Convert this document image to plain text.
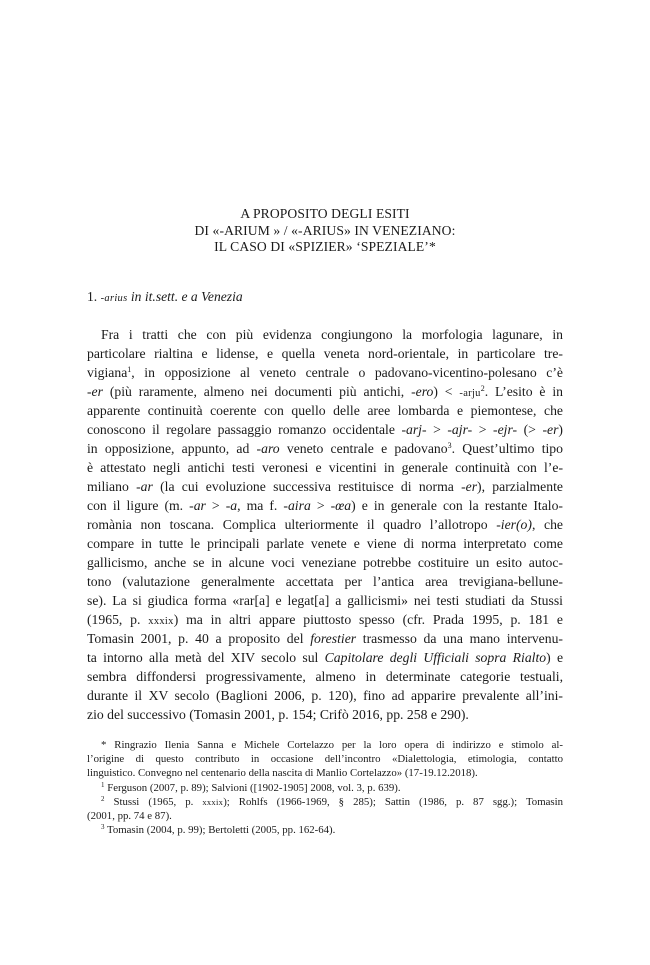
A PROPOSITO DEGLI ESITI
DI «-ARIUM » / «-ARIUS» IN VENEZIANO:
IL CASO DI «SPIZIER» ‘SPEZIALE’*
1. -arius in it.sett. e a Venezia
Fra i tratti che con più evidenza congiungono la morfologia lagunare, in
particolare rialtina e lidense, e quella veneta nord-orientale, in particolare tre-
vigiana$^1$, in opposizione al veneto centrale o padovano-vicentino-polesano c’è
-er (più raramente, almeno nei documenti più antichi, -ero) < -arju$^2$. L’esito è in
apparente continuità coerente con quello delle aree lombarda e piemontese, che
conoscono il regolare passaggio romanzo occidentale -arj- > -ajr- > -ejr- (> -er)
in opposizione, appunto, ad -aro veneto centrale e padovano$^3$. Quest’ultimo tipo
è attestato negli antichi testi veronesi e vicentini in generale continuità con l’e-
miliano -ar (la cui evoluzione successiva restituisce di norma -er), parzialmente
con il ligure (m. -ar > -a, ma f. -aira > -œa) e in generale con la restante Italo-
romània non toscana. Complica ulteriormente il quadro l’allotropo -ier(o), che
compare in tutte le principali parlate venete e viene di norma interpretato come
gallicismo, anche se in alcune voci veneziane potrebbe costituire un esito autoc-
tono (valutazione generalmente accettata per l’antica area trevigiana-bellune-
se). La si giudica forma «rar[a] e legat[a] a gallicismi» nei testi studiati da Stussi
(1965, p. xxxix) ma in altri appare piuttosto spesso (cfr. Prada 1995, p. 181 e
Tomasin 2001, p. 40 a proposito del forestier trasmesso da una mano intervenu-
ta intorno alla metà del XIV secolo sul Capitolare degli Ufficiali sopra Rialto) e
sembra diffondersi progressivamente, almeno in determinate categorie testuali,
durante il XV secolo (Baglioni 2006, p. 120), fino ad apparire prevalente all’ini-
zio del successivo (Tomasin 2001, p. 154; Crifò 2016, pp. 258 e 290).
* Ringrazio Ilenia Sanna e Michele Cortelazzo per la loro opera di indirizzo e stimolo al-
l’origine di questo contributo in occasione dell’incontro «Dialettologia, etimologia, contatto
linguistico. Convegno nel centenario della nascita di Manlio Cortelazzo» (17-19.12.2018).
$^1$ Ferguson (2007, p. 89); Salvioni ([1902-1905] 2008, vol. 3, p. 639).
$^2$ Stussi (1965, p. xxxix); Rohlfs (1966-1969, § 285); Sattin (1986, p. 87 sgg.); Tomasin
(2001, pp. 74 e 87).
$^3$ Tomasin (2004, p. 99); Bertoletti (2005, pp. 162-64).
